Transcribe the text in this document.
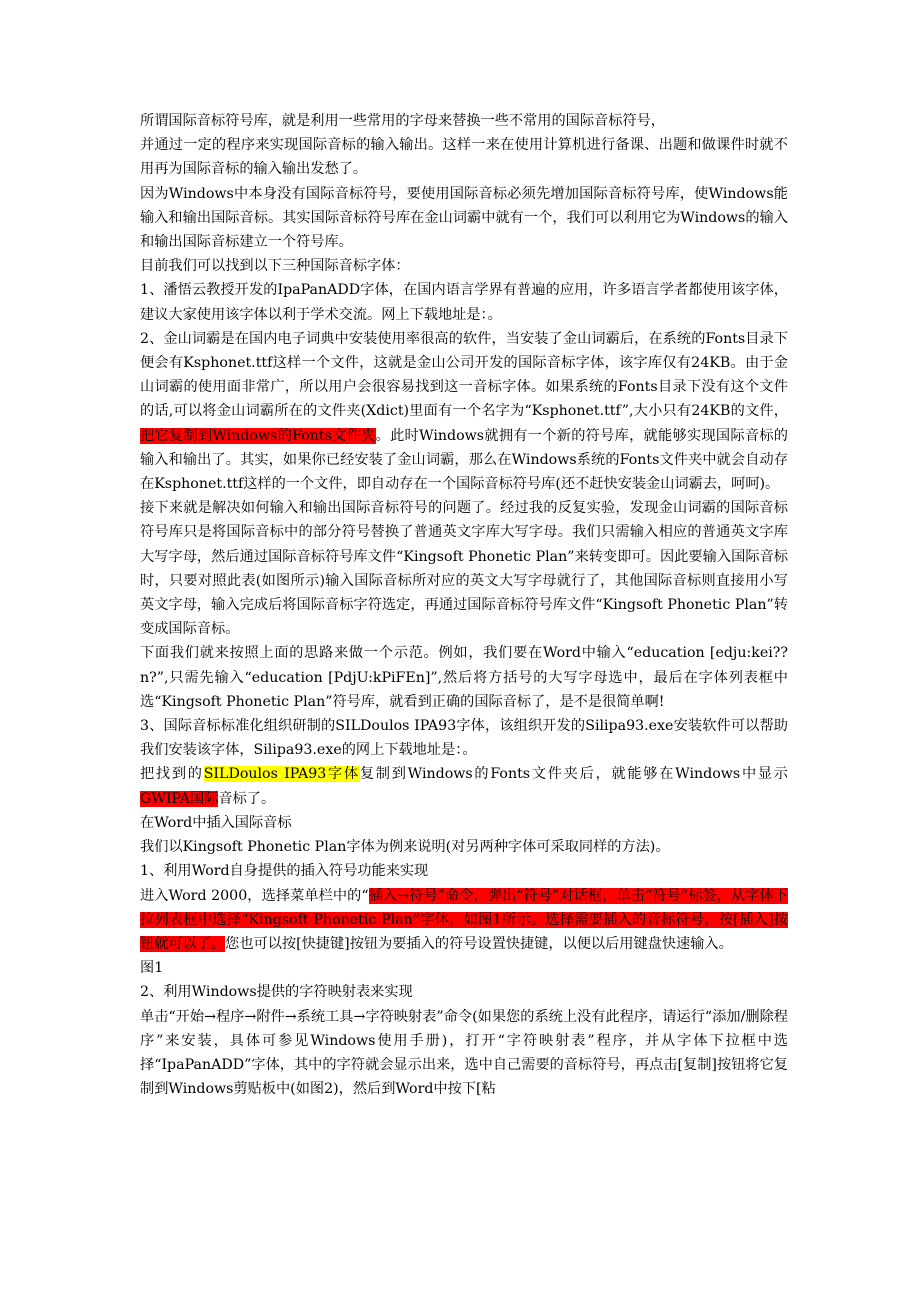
所谓国际音标符号库，就是利用一些常用的字母来替换一些不常用的国际音标符号，

并通过一定的程序来实现国际音标的输入输出。这样一来在使用计算机进行备课、出题和做课件时就不用再为国际音标的输入输出发愁了。

因为Windows中本身没有国际音标符号，要使用国际音标必须先增加国际音标符号库，使Windows能输入和输出国际音标。其实国际音标符号库在金山词霸中就有一个，我们可以利用它为Windows的输入和输出国际音标建立一个符号库。

目前我们可以找到以下三种国际音标字体：

1、潘悟云教授开发的IpaPanADD字体，在国内语言学界有普遍的应用，许多语言学者都使用该字体，建议大家使用该字体以利于学术交流。网上下载地址是：。

2、金山词霸是在国内电子词典中安装使用率很高的软件，当安装了金山词霸后，在系统的Fonts目录下便会有Ksphonet.ttf这样一个文件，这就是金山公司开发的国际音标字体，该字库仅有24KB。由于金山词霸的使用面非常广，所以用户会很容易找到这一音标字体。如果系统的Fonts目录下没有这个文件的话,可以将金山词霸所在的文件夹(Xdict)里面有一个名字为“Ksphonet.ttf”,大小只有24KB的文件，把它复制到Windows的Fonts文件夹。此时Windows就拥有一个新的符号库，就能够实现国际音标的输入和输出了。其实，如果你已经安装了金山词霸，那么在Windows系统的Fonts文件夹中就会自动存在Ksphonet.ttf这样的一个文件，即自动存在一个国际音标符号库(还不赶快安装金山词霸去，呵呵)。

接下来就是解决如何输入和输出国际音标符号的问题了。经过我的反复实验，发现金山词霸的国际音标符号库只是将国际音标中的部分符号替换了普通英文字库大写字母。我们只需输入相应的普通英文字库大写字母，然后通过国际音标符号库文件“Kingsoft Phonetic Plan”来转变即可。因此要输入国际音标时，只要对照此表(如图所示)输入国际音标所对应的英文大写字母就行了，其他国际音标则直接用小写英文字母，输入完成后将国际音标字符选定，再通过国际音标符号库文件“Kingsoft Phonetic Plan”转变成国际音标。

下面我们就来按照上面的思路来做一个示范。例如，我们要在Word中输入“education [edju:kei??n?”,只需先输入“education [PdjU:kPiFEn]”,然后将方括号的大写字母选中，最后在字体列表框中选“Kingsoft Phonetic Plan”符号库，就看到正确的国际音标了，是不是很简单啊!

3、国际音标标准化组织研制的SILDoulos IPA93字体，该组织开发的Silipa93.exe安装软件可以帮助我们安装该字体，Silipa93.exe的网上下载地址是：。

把找到的SILDoulos IPA93字体复制到Windows的Fonts文件夹后，就能够在Windows中显示GWIPA国际音标了。

在Word中插入国际音标

我们以Kingsoft Phonetic Plan字体为例来说明(对另两种字体可采取同样的方法)。

1、利用Word自身提供的插入符号功能来实现

进入Word 2000，选择菜单栏中的“插入→符号”命令，弹出“符号”对话框，单击“符号”标签，从字体下拉列表框中选择“Kingsoft Phonetic Plan”字体，如图1所示。选择需要插入的音标符号，按[插入]按钮就可以了。您也可以按[快捷键]按钮为要插入的符号设置快捷键，以便以后用键盘快速输入。

图1

2、利用Windows提供的字符映射表来实现

单击“开始→程序→附件→系统工具→字符映射表”命令(如果您的系统上没有此程序，请运行“添加/删除程序”来安装，具体可参见Windows使用手册)，打开“字符映射表”程序，并从字体下拉框中选择“IpaPanADD”字体，其中的字符就会显示出来，选中自己需要的音标符号，再点击[复制]按钮将它复制到Windows剪贴板中(如图2)，然后到Word中按下[粘
